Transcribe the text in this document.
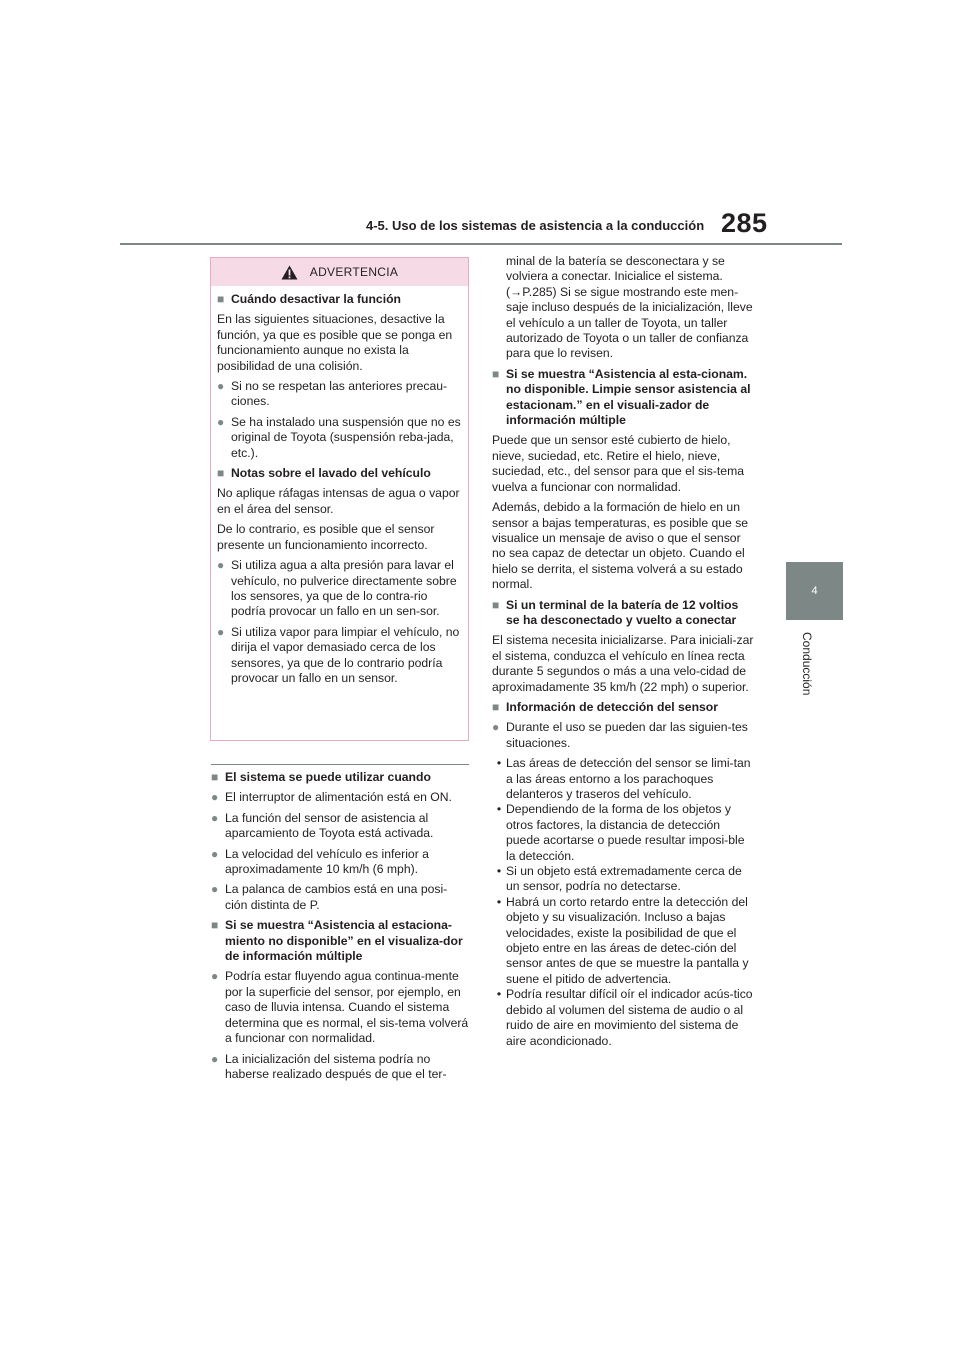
4-5. Uso de los sistemas de asistencia a la conducción 285
4
Conducción
ADVERTENCIA
■ Cuándo desactivar la función

En las siguientes situaciones, desactive la función, ya que es posible que se ponga en funcionamiento aunque no exista la posibilidad de una colisión.

● Si no se respetan las anteriores precau-ciones.
● Se ha instalado una suspensión que no es original de Toyota (suspensión reba-jada, etc.).
■ Notas sobre el lavado del vehículo

No aplique ráfagas intensas de agua o vapor en el área del sensor.

De lo contrario, es posible que el sensor presente un funcionamiento incorrecto.

● Si utiliza agua a alta presión para lavar el vehículo, no pulverice directamente sobre los sensores, ya que de lo contra-rio podría provocar un fallo en un sen-sor.
● Si utiliza vapor para limpiar el vehículo, no dirija el vapor demasiado cerca de los sensores, ya que de lo contrario podría provocar un fallo en un sensor.
■ El sistema se puede utilizar cuando
● El interruptor de alimentación está en ON.
● La función del sensor de asistencia al aparcamiento de Toyota está activada.
● La velocidad del vehículo es inferior a aproximadamente 10 km/h (6 mph).
● La palanca de cambios está en una posi-ción distinta de P.
■ Si se muestra “Asistencia al estaciona-miento no disponible” en el visualiza-dor de información múltiple
● Podría estar fluyendo agua continua-mente por la superficie del sensor, por ejemplo, en caso de lluvia intensa. Cuando el sistema determina que es normal, el sis-tema volverá a funcionar con normalidad.
● La inicialización del sistema podría no haberse realizado después de que el ter-

minal de la batería se desconectara y se volviera a conectar. Inicialice el sistema. (→P.285) Si se sigue mostrando este men-saje incluso después de la inicialización, lleve el vehículo a un taller de Toyota, un taller autorizado de Toyota o un taller de confianza para que lo revisen.

■ Si se muestra “Asistencia al esta-cionam. no disponible. Limpie sensor asistencia al estacionam.” en el visuali-zador de información múltiple

Puede que un sensor esté cubierto de hielo, nieve, suciedad, etc. Retire el hielo, nieve, suciedad, etc., del sensor para que el sis-tema vuelva a funcionar con normalidad.

Además, debido a la formación de hielo en un sensor a bajas temperaturas, es posible que se visualice un mensaje de aviso o que el sensor no sea capaz de detectar un objeto. Cuando el hielo se derrita, el sistema volverá a su estado normal.

■ Si un terminal de la batería de 12 voltios se ha desconectado y vuelto a conectar

El sistema necesita inicializarse. Para iniciali-zar el sistema, conduzca el vehículo en línea recta durante 5 segundos o más a una velo-cidad de aproximadamente 35 km/h (22 mph) o superior.

■ Información de detección del sensor
● Durante el uso se pueden dar las siguien-tes situaciones.
• Las áreas de detección del sensor se limi-tan a las áreas entorno a los parachoques delanteros y traseros del vehículo.
• Dependiendo de la forma de los objetos y otros factores, la distancia de detección puede acortarse o puede resultar imposi-ble la detección.
• Si un objeto está extremadamente cerca de un sensor, podría no detectarse.
• Habrá un corto retardo entre la detección del objeto y su visualización. Incluso a bajas velocidades, existe la posibilidad de que el objeto entre en las áreas de detec-ción del sensor antes de que se muestre la pantalla y suene el pitido de advertencia.
• Podría resultar difícil oír el indicador acús-tico debido al volumen del sistema de audio o al ruido de aire en movimiento del sistema de aire acondicionado.
